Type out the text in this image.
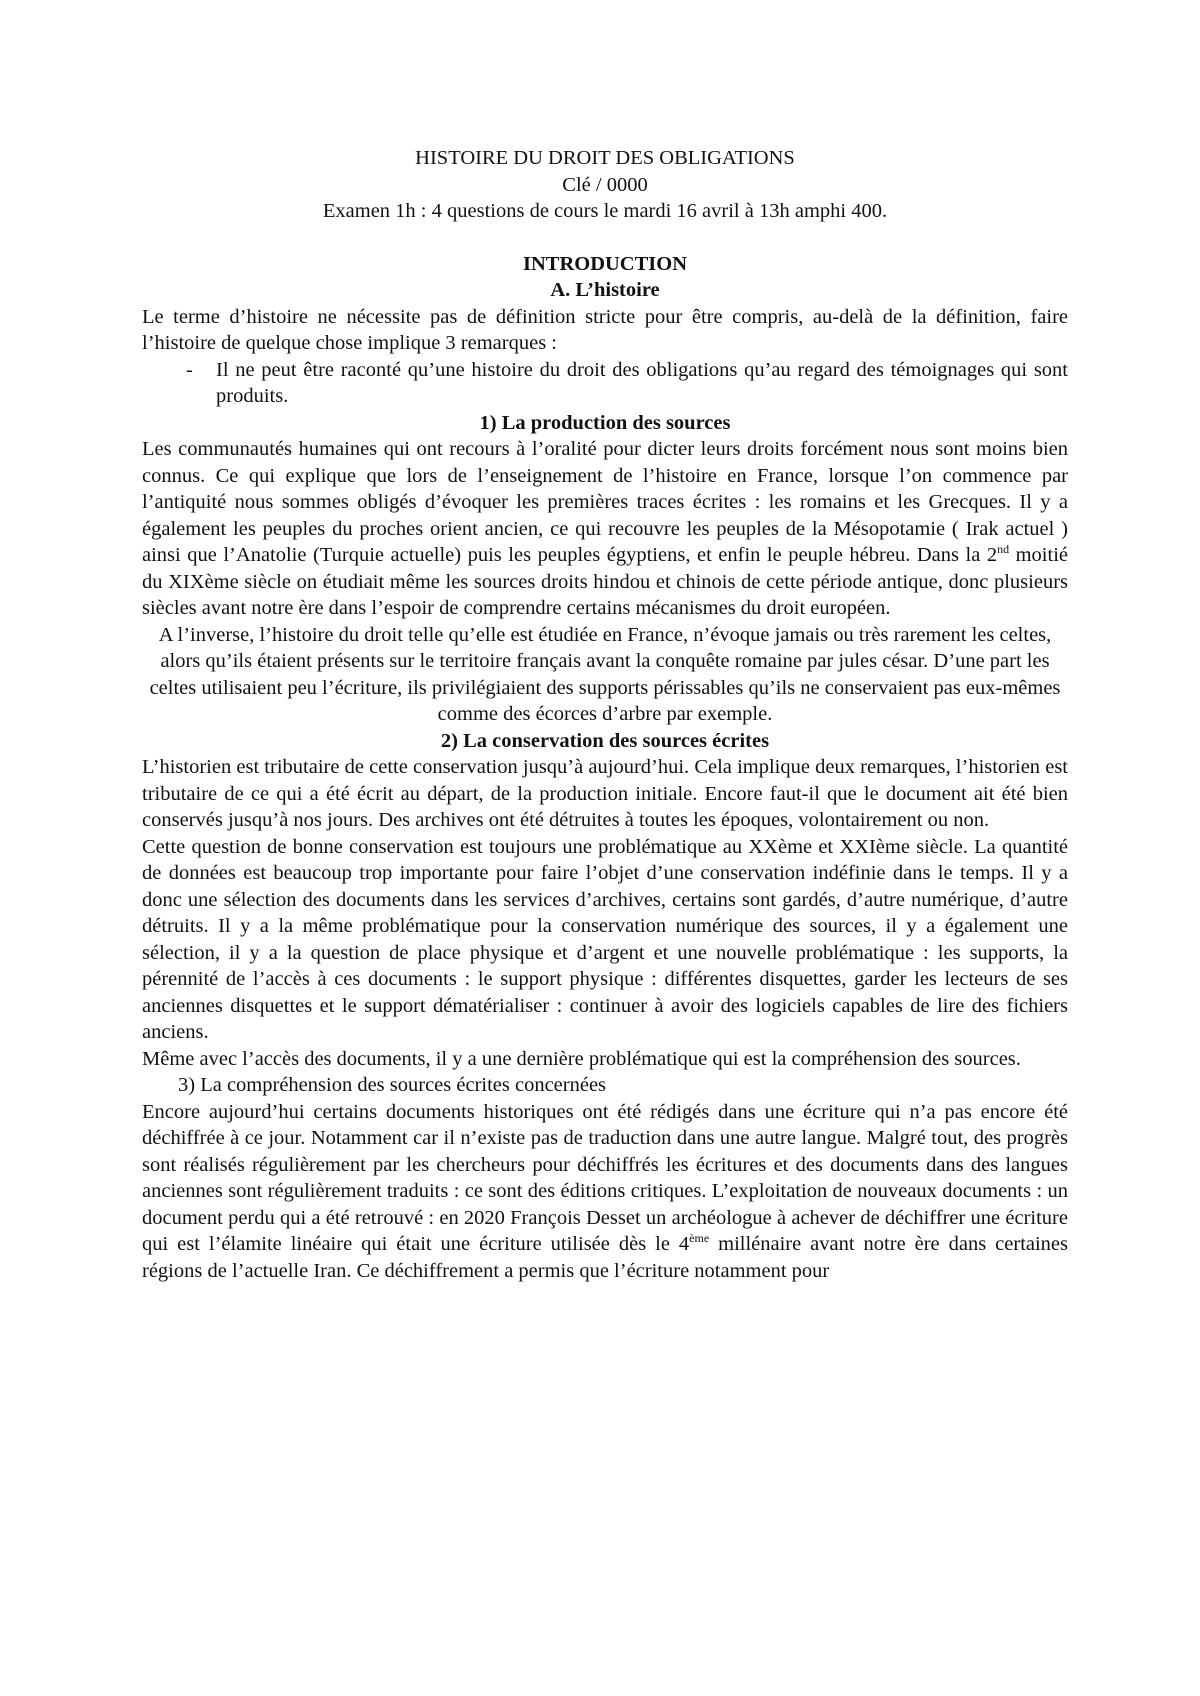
HISTOIRE DU DROIT DES OBLIGATIONS

Clé / 0000

Examen 1h : 4 questions de cours le mardi 16 avril à 13h amphi 400.

INTRODUCTION

A. L’histoire

Le terme d’histoire ne nécessite pas de définition stricte pour être compris, au-delà de la définition, faire l’histoire de quelque chose implique 3 remarques :

- Il ne peut être raconté qu’une histoire du droit des obligations qu’au regard des témoignages qui sont produits.

1) La production des sources

Les communautés humaines qui ont recours à l’oralité pour dicter leurs droits forcément nous sont moins bien connus. Ce qui explique que lors de l’enseignement de l’histoire en France, lorsque l’on commence par l’antiquité nous sommes obligés d’évoquer les premières traces écrites : les romains et les Grecques. Il y a également les peuples du proches orient ancien, ce qui recouvre les peuples de la Mésopotamie ( Irak actuel ) ainsi que l’Anatolie (Turquie actuelle) puis les peuples égyptiens, et enfin le peuple hébreu. Dans la 2nd moitié du XIXème siècle on étudiait même les sources droits hindou et chinois de cette période antique, donc plusieurs siècles avant notre ère dans l’espoir de comprendre certains mécanismes du droit européen.

A l’inverse, l’histoire du droit telle qu’elle est étudiée en France, n’évoque jamais ou très rarement les celtes, alors qu’ils étaient présents sur le territoire français avant la conquête romaine par jules césar. D’une part les celtes utilisaient peu l’écriture, ils privilégiaient des supports périssables qu’ils ne conservaient pas eux-mêmes comme des écorces d’arbre par exemple.

2) La conservation des sources écrites

L’historien est tributaire de cette conservation jusqu’à aujourd’hui. Cela implique deux remarques, l’historien est tributaire de ce qui a été écrit au départ, de la production initiale. Encore faut-il que le document ait été bien conservés jusqu’à nos jours. Des archives ont été détruites à toutes les époques, volontairement ou non.

Cette question de bonne conservation est toujours une problématique au XXème et XXIème siècle. La quantité de données est beaucoup trop importante pour faire l’objet d’une conservation indéfinie dans le temps. Il y a donc une sélection des documents dans les services d’archives, certains sont gardés, d’autre numérique, d’autre détruits. Il y a la même problématique pour la conservation numérique des sources, il y a également une sélection, il y a la question de place physique et d’argent et une nouvelle problématique : les supports, la pérennité de l’accès à ces documents : le support physique : différentes disquettes, garder les lecteurs de ses anciennes disquettes et le support dématérialiser : continuer à avoir des logiciels capables de lire des fichiers anciens.

Même avec l’accès des documents, il y a une dernière problématique qui est la compréhension des sources.

3) La compréhension des sources écrites concernées

Encore aujourd’hui certains documents historiques ont été rédigés dans une écriture qui n’a pas encore été déchiffrée à ce jour. Notamment car il n’existe pas de traduction dans une autre langue. Malgré tout, des progrès sont réalisés régulièrement par les chercheurs pour déchiffrés les écritures et des documents dans des langues anciennes sont régulièrement traduits : ce sont des éditions critiques. L’exploitation de nouveaux documents : un document perdu qui a été retrouvé : en 2020 François Desset un archéologue à achever de déchiffrer une écriture qui est l’élamite linéaire qui était une écriture utilisée dès le 4ème millénaire avant notre ère dans certaines régions de l’actuelle Iran. Ce déchiffrement a permis que l’écriture notamment pour
